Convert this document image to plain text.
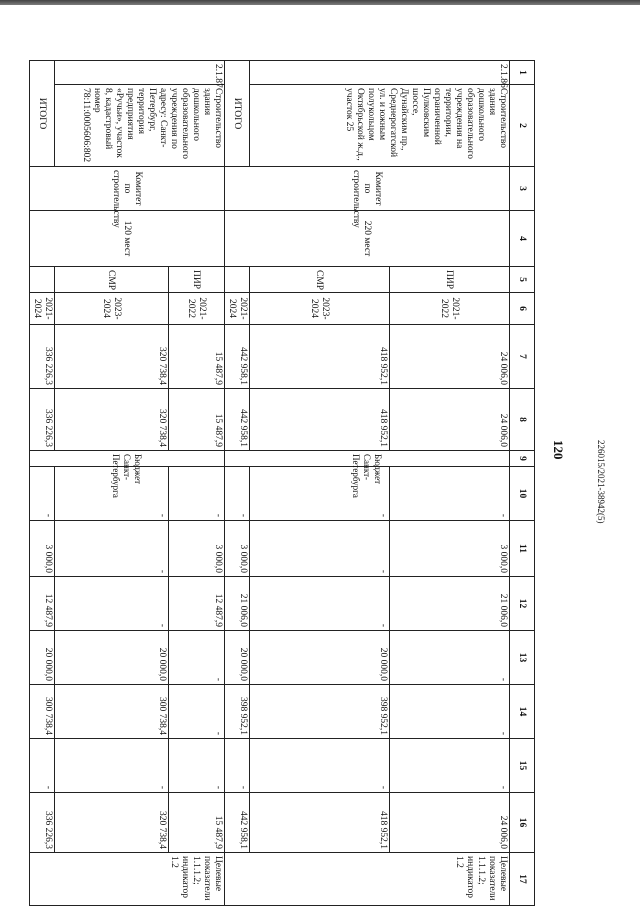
120	226015/2021-38942(5)
1	2	3	4	5	6	7	8	9	10	11	12	13	14	15	16	17
2.1.86	Строительство здания дошкольного образовательного учреждения на территории, ограниченной Пулковским шоссе, Дунайским пр., Среднерогатской ул. и южным полукольцом Октябрьской ж.д., участок 25	Комитет по строительству	220 мест	ПИР	2021-2022	24 006,0	24 006,0	Бюджет Санкт-Петербурга	-	3 000,0	21 006,0	-	-	-	24 006,0	Целевые показатели 1.1.1.2; индикатор 1.2
				СМР	2023-2024	418 952,1	418 952,1		-	-	-	20 000,0	398 952,1	-	418 952,1	
ИТОГО					2021-2024	442 958,1	442 958,1		-	3 000,0	21 006,0	20 000,0	398 952,1	-	442 958,1	
2.1.87	Строительство здания дошкольного образовательного учреждения по адресу: Санкт-Петербург, территория предприятия «Ручьи», участок 8, кадастровый номер 78:11:0005606:802	Комитет по строительству	120 мест	ПИР	2021-2022	15 487,9	15 487,9	Бюджет Санкт-Петербурга	-	3 000,0	12 487,9	-	-	-	15 487,9	Целевые показатели 1.1.1.2; индикатор 1.2
				СМР	2023-2024	320 738,4	320 738,4		-	-	-	20 000,0	300 738,4	-	320 738,4	
ИТОГО					2021-2024	336 226,3	336 226,3		-	3 000,0	12 487,9	20 000,0	300 738,4	-	336 226,3	
